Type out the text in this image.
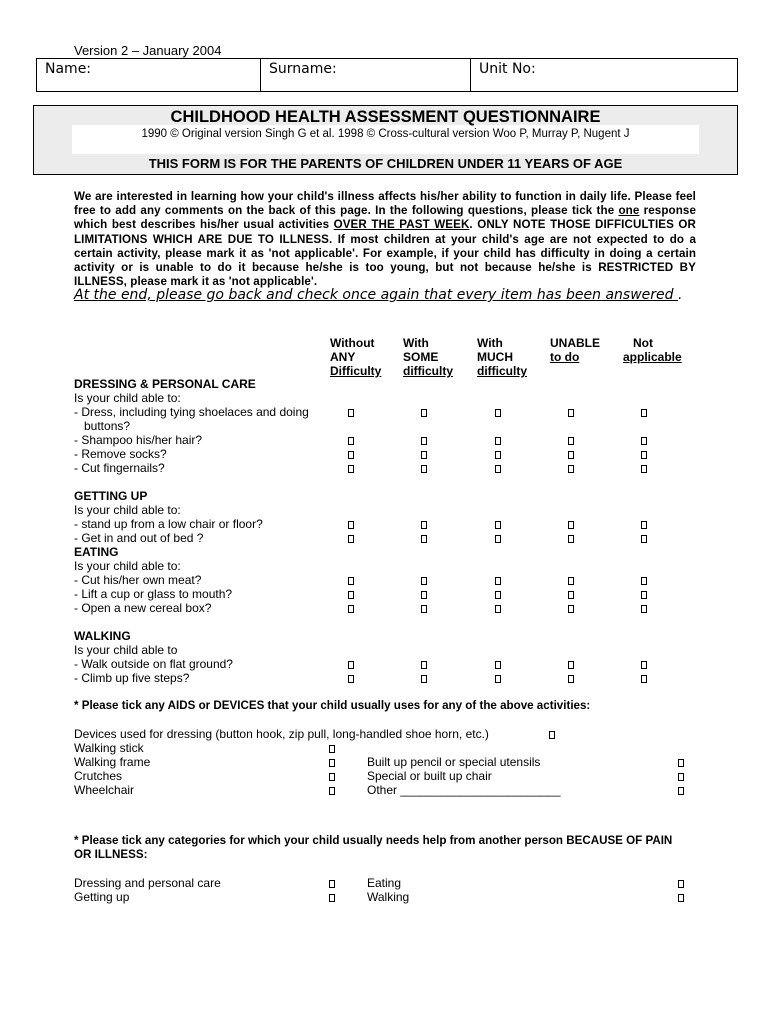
Version 2 – January 2004
Name:	Surname:	Unit No:
CHILDHOOD HEALTH ASSESSMENT QUESTIONNAIRE
1990 © Original version Singh G et al. 1998 © Cross-cultural version Woo P, Murray P, Nugent J
THIS FORM IS FOR THE PARENTS OF CHILDREN UNDER 11 YEARS OF AGE
We are interested in learning how your child's illness affects his/her ability to function in daily life. Please feel free to add any comments on the back of this page. In the following questions, please tick the one response which best describes his/her usual activities OVER THE PAST WEEK. ONLY NOTE THOSE DIFFICULTIES OR LIMITATIONS WHICH ARE DUE TO ILLNESS. If most children at your child's age are not expected to do a certain activity, please mark it as 'not applicable'. For example, if your child has difficulty in doing a certain activity or is unable to do it because he/she is too young, but not because he/she is RESTRICTED BY ILLNESS, please mark it as 'not applicable'.
At the end, please go back and check once again that every item has been answered .
Without
ANY
Difficulty
With
SOME
difficulty
With
MUCH
difficulty
UNABLE
to do
Not
applicable
DRESSING & PERSONAL CARE
Is your child able to:
- Dress, including tying shoelaces and doing
buttons?
- Shampoo his/her hair?
- Remove socks?
- Cut fingernails?
GETTING UP
Is your child able to:
- stand up from a low chair or floor?
- Get in and out of bed ?
EATING
Is your child able to:
- Cut his/her own meat?
- Lift a cup or glass to mouth?
- Open a new cereal box?
WALKING
Is your child able to
- Walk outside on flat ground?
- Climb up five steps?
* Please tick any AIDS or DEVICES that your child usually uses for any of the above activities:
Devices used for dressing (button hook, zip pull, long-handled shoe horn, etc.)
Walking stick
Walking frame
Crutches
Wheelchair
Built up pencil or special utensils
Special or built up chair
Other ________________________
* Please tick any categories for which your child usually needs help from another person BECAUSE OF PAIN
OR ILLNESS:
Dressing and personal care
Getting up
Eating
Walking
